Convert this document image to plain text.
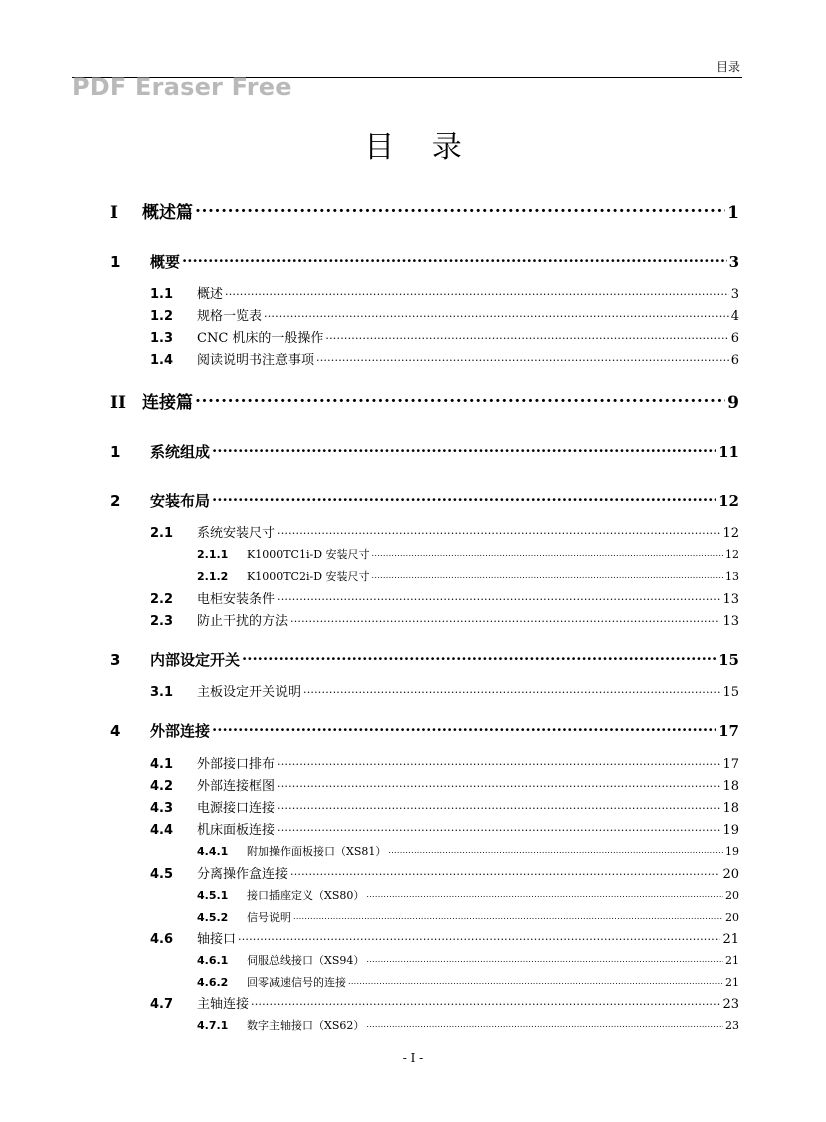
目录
PDF Eraser Free
目 录
I	概述篇 .....	1
1	概要 .....	3
1.1	概述 .....	3
1.2	规格一览表 .....	4
1.3	CNC 机床的一般操作 .....	6
1.4	阅读说明书注意事项 .....	6
II 连接篇 .....	9
1	系统组成 .....	11
2	安装布局 .....	12
2.1	系统安装尺寸 .....	12
2.1.1	K1000TC1i-D 安装尺寸 .....	12
2.1.2	K1000TC2i-D 安装尺寸 .....	13
2.2	电柜安装条件 .....	13
2.3	防止干扰的方法 .....	13
3	内部设定开关 .....	15
3.1	主板设定开关说明 .....	15
4	外部连接 .....	17
4.1	外部接口排布 .....	17
4.2	外部连接框图 .....	18
4.3	电源接口连接 .....	18
4.4	机床面板连接 .....	19
4.4.1	附加操作面板接口（XS81） .....	19
4.5	分离操作盒连接 .....	20
4.5.1	接口插座定义（XS80） .....	20
4.5.2	信号说明 .....	20
4.6	轴接口 .....	21
4.6.1	伺服总线接口（XS94） .....	21
4.6.2	回零减速信号的连接 .....	21
4.7	主轴连接 .....	23
4.7.1	数字主轴接口（XS62） .....	23
- I -
